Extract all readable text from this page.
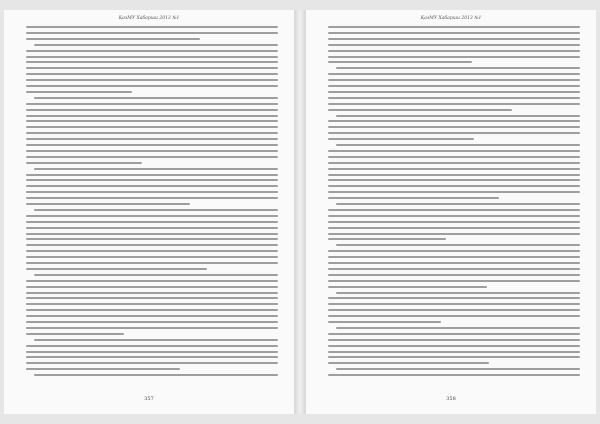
ҚазМУ Хабарши 2013 №1
357
ҚазМУ Хабарши 2013 №1
358
